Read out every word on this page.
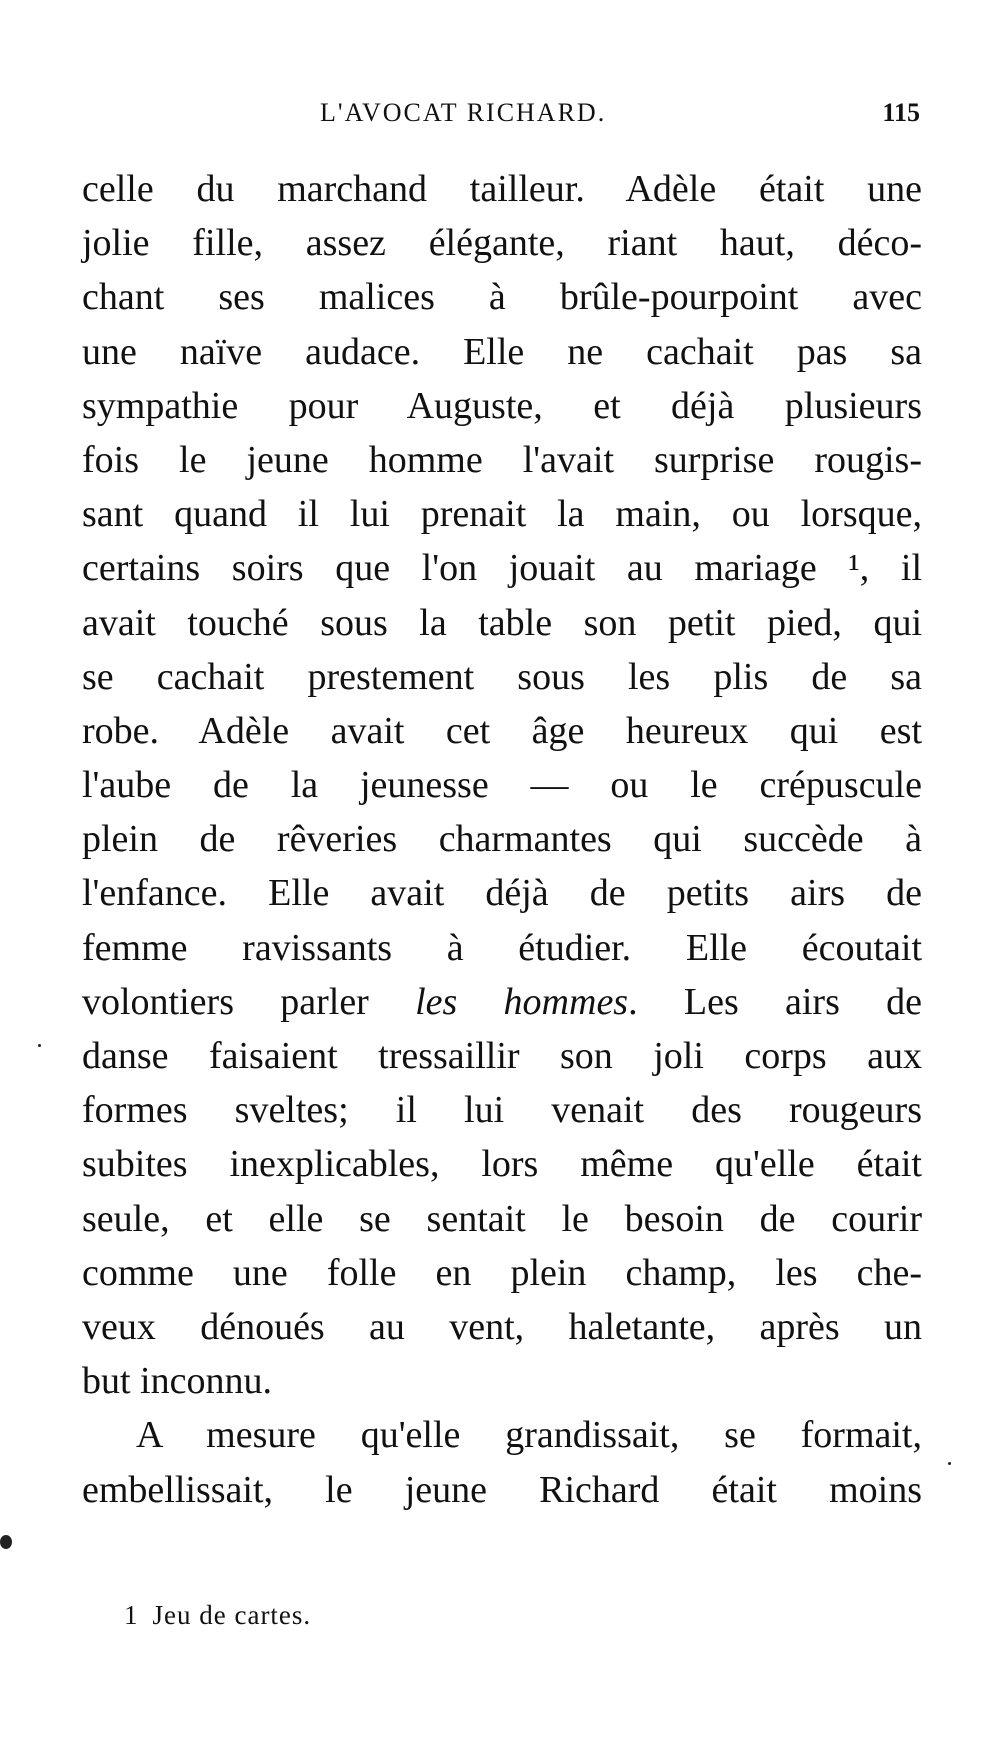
L'AVOCAT RICHARD.	115
celle du marchand tailleur. Adèle était une
jolie fille, assez élégante, riant haut, déco-
chant ses malices à brûle-pourpoint avec
une naïve audace. Elle ne cachait pas sa
sympathie pour Auguste, et déjà plusieurs
fois le jeune homme l'avait surprise rougis-
sant quand il lui prenait la main, ou lorsque,
certains soirs que l'on jouait au mariage ¹, il
avait touché sous la table son petit pied, qui
se cachait prestement sous les plis de sa
robe. Adèle avait cet âge heureux qui est
l'aube de la jeunesse — ou le crépuscule
plein de rêveries charmantes qui succède à
l'enfance. Elle avait déjà de petits airs de
femme ravissants à étudier. Elle écoutait
volontiers parler les hommes. Les airs de
danse faisaient tressaillir son joli corps aux
formes sveltes; il lui venait des rougeurs
subites inexplicables, lors même qu'elle était
seule, et elle se sentait le besoin de courir
comme une folle en plein champ, les che-
veux dénoués au vent, haletante, après un
but inconnu.
A mesure qu'elle grandissait, se formait,
embellissait, le jeune Richard était moins
1 Jeu de cartes.
